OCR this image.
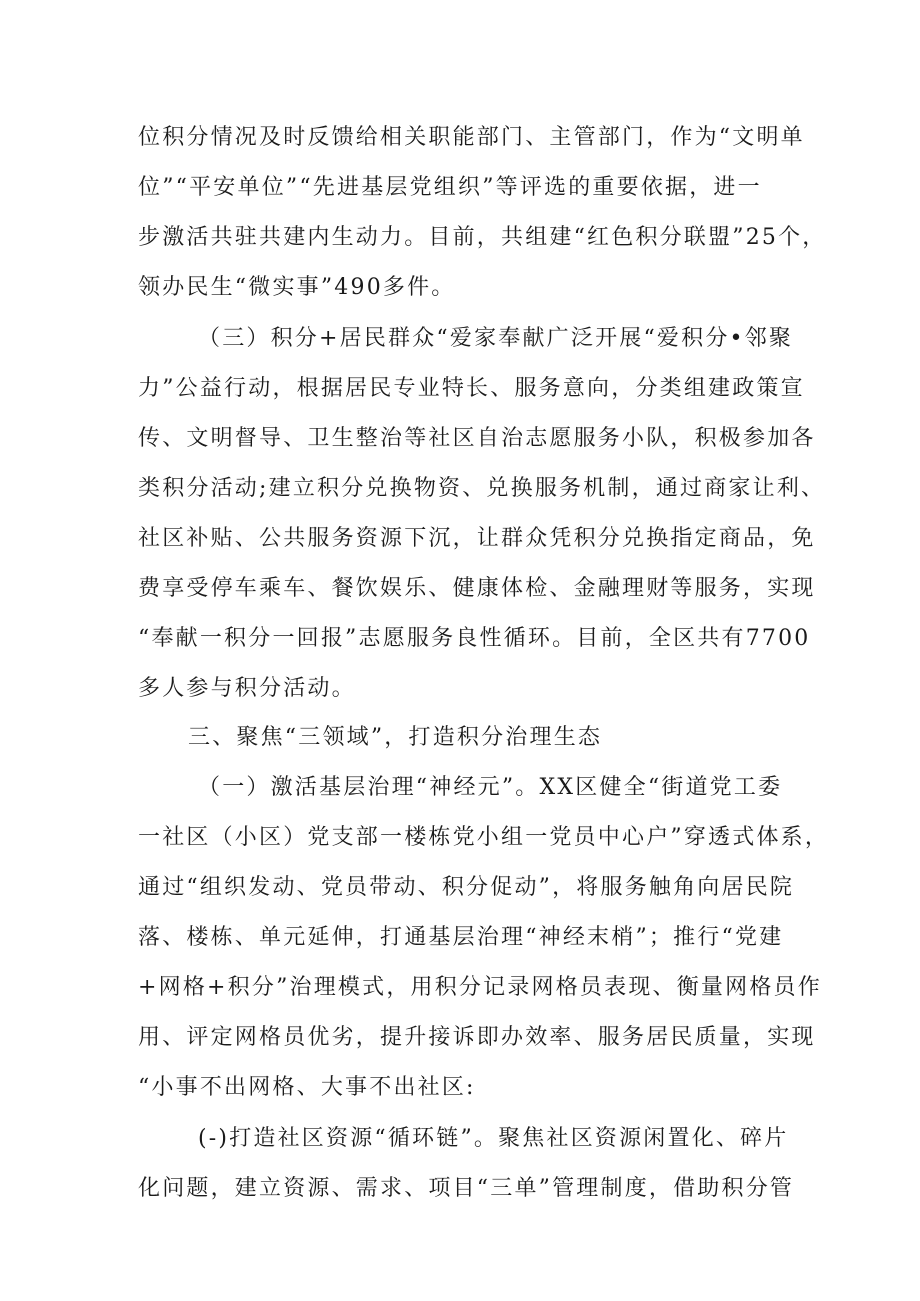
位积分情况及时反馈给相关职能部门、主管部门，作为“文明单
位”“平安单位”“先进基层党组织”等评选的重要依据，进一
步激活共驻共建内生动力。目前，共组建“红色积分联盟”25个，
领办民生“微实事”490多件。
（三）积分+居民群众“爱家奉献广泛开展“爱积分•邻聚
力”公益行动，根据居民专业特长、服务意向，分类组建政策宣
传、文明督导、卫生整治等社区自治志愿服务小队，积极参加各
类积分活动;建立积分兑换物资、兑换服务机制，通过商家让利、
社区补贴、公共服务资源下沉，让群众凭积分兑换指定商品，免
费享受停车乘车、餐饮娱乐、健康体检、金融理财等服务，实现
“奉献一积分一回报”志愿服务良性循环。目前，全区共有7700
多人参与积分活动。
三、聚焦“三领域”，打造积分治理生态
（一）激活基层治理“神经元”。XX区健全“街道党工委
一社区（小区）党支部一楼栋党小组一党员中心户”穿透式体系，
通过“组织发动、党员带动、积分促动”，将服务触角向居民院
落、楼栋、单元延伸，打通基层治理“神经末梢”；推行“党建
+网格+积分”治理模式，用积分记录网格员表现、衡量网格员作
用、评定网格员优劣，提升接诉即办效率、服务居民质量，实现
“小事不出网格、大事不出社区:
(-)打造社区资源“循环链”。聚焦社区资源闲置化、碎片
化问题，建立资源、需求、项目“三单”管理制度，借助积分管
